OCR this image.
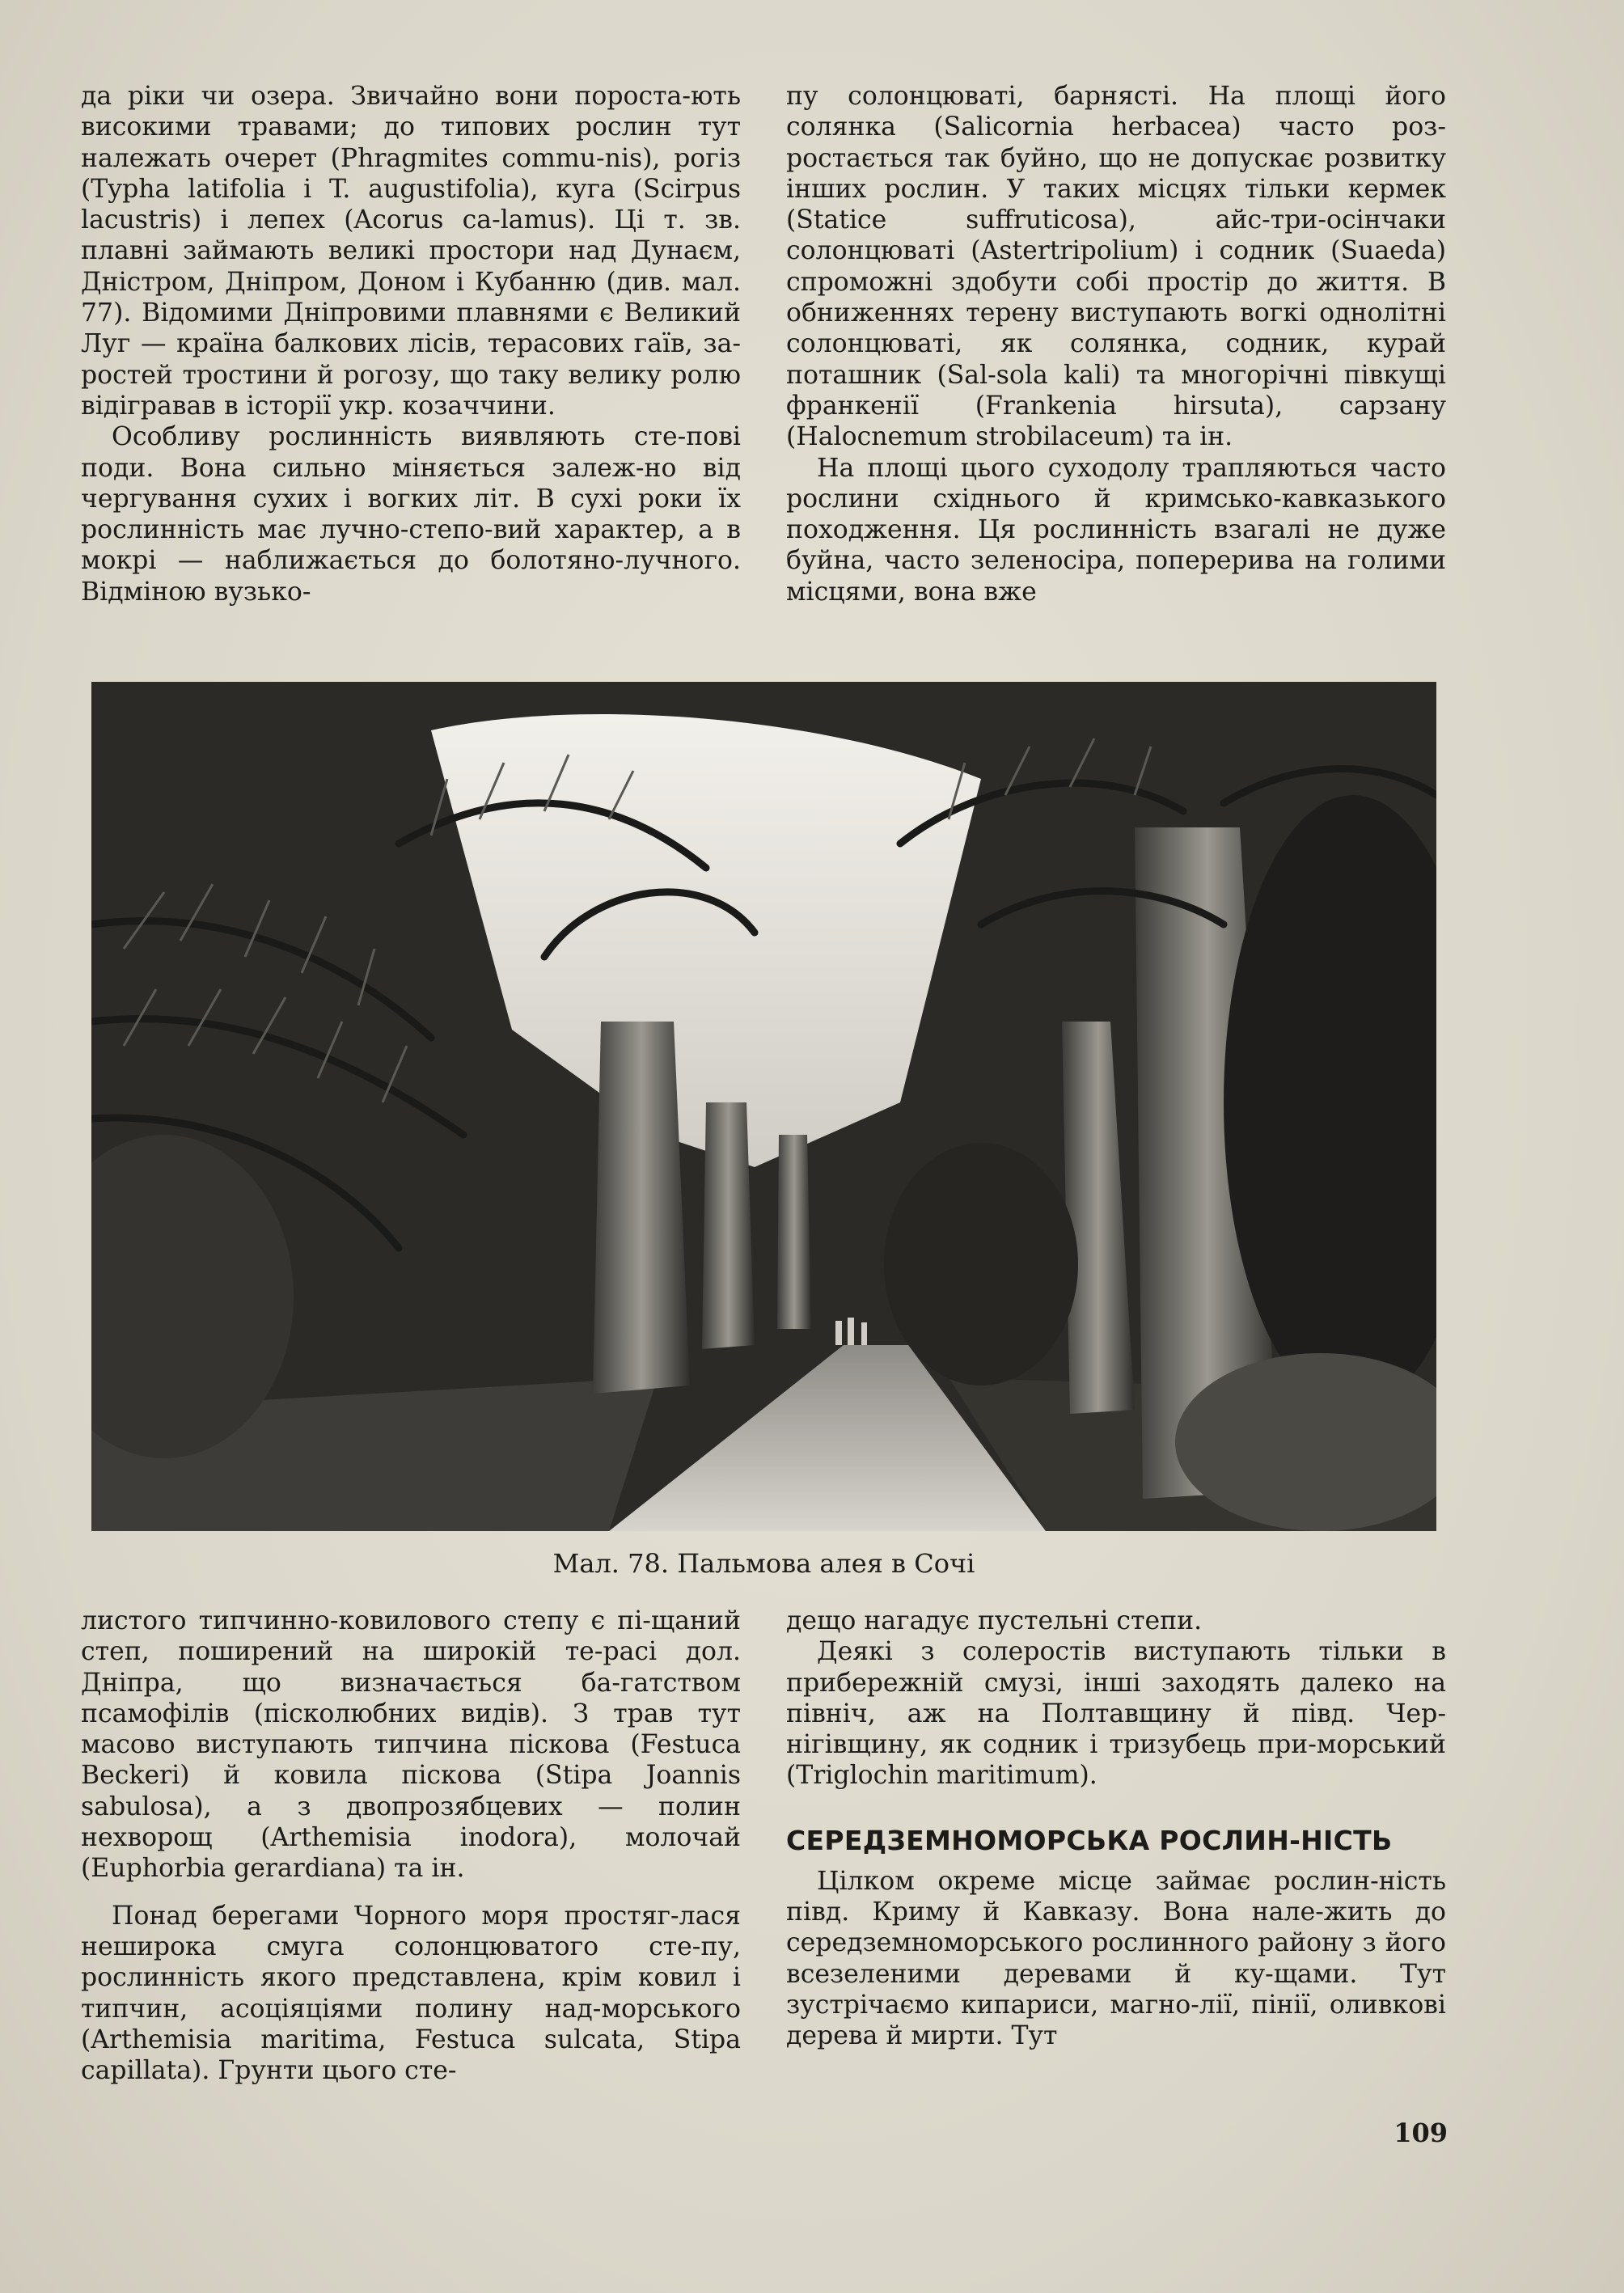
да ріки чи озера. Звичайно вони пороста-ють високими травами; до типових рослин тут належать очерет (Phragmites commu-nis), рогіз (Typha latifolia і T. augustifolia), куга (Scirpus lacustris) і лепех (Acorus ca-lamus). Ці т. зв. плавні займають великі простори над Дунаєм, Дністром, Дніпром, Доном і Кубанню (див. мал. 77). Відомими Дніпровими плавнями є Великий Луг — країна балкових лісів, терасових гаїв, за-ростей тростини й рогозу, що таку велику ролю відігравав в історії укр. козаччини.

Особливу рослинність виявляють сте-пові поди. Вона сильно міняється залеж-но від чергування сухих і вогких літ. В сухі роки їх рослинність має лучно-степо-вий характер, а в мокрі — наближається до болотяно-лучного. Відміною вузько-

пу солонцюваті, барнясті. На площі його солянка (Salicornia herbacea) часто роз-ростається так буйно, що не допускає розвитку інших рослин. У таких місцях тільки кермек (Statice suffruticosa), айс-три-осінчаки солонцюваті (Astertripolium) і содник (Suaeda) спроможні здобути собі простір до життя. В обниженнях терену виступають вогкі однолітні солонцюваті, як солянка, содник, курай поташник (Sal-sola kali) та многорічні півкущі франкенії (Frankenia hirsuta), сарзану (Halocnemum strobilaceum) та ін.

На площі цього суходолу трапляються часто рослини східнього й кримсько-кавказького походження. Ця рослинність взагалі не дуже буйна, часто зеленосіра, поперерива на голими місцями, вона вже

Мал. 78. Пальмова алея в Сочі

листого типчинно-ковилового степу є пі-щаний степ, поширений на широкій те-расі дол. Дніпра, що визначається ба-гатством псамофілів (пісколюбних видів). З трав тут масово виступають типчина піскова (Festuca Beckeri) й ковила піскова (Stipa Joannis sabulosa), а з двопрозябцевих — полин нехворощ (Arthemisia inodora), молочай (Euphorbia gerardiana) та ін.

Понад берегами Чорного моря простяг-лася неширока смуга солонцюватого сте-пу, рослинність якого представлена, крім ковил і типчин, асоціяціями полину над-морського (Arthemisia maritima, Festuca sulcata, Stipa capillata). Грунти цього сте-

дещо нагадує пустельні степи.

Деякі з солеростів виступають тільки в прибережній смузі, інші заходять далеко на північ, аж на Полтавщину й півд. Чер-нігівщину, як содник і тризубець при-морський (Triglochin maritimum).

СЕРЕДЗЕМНОМОРСЬКА РОСЛИН-НІСТЬ

Цілком окреме місце займає рослин-ність півд. Криму й Кавказу. Вона нале-жить до середземноморського рослинного району з його всезеленими деревами й ку-щами. Тут зустрічаємо кипариси, магно-лії, пінії, оливкові дерева й мирти. Тут

109
